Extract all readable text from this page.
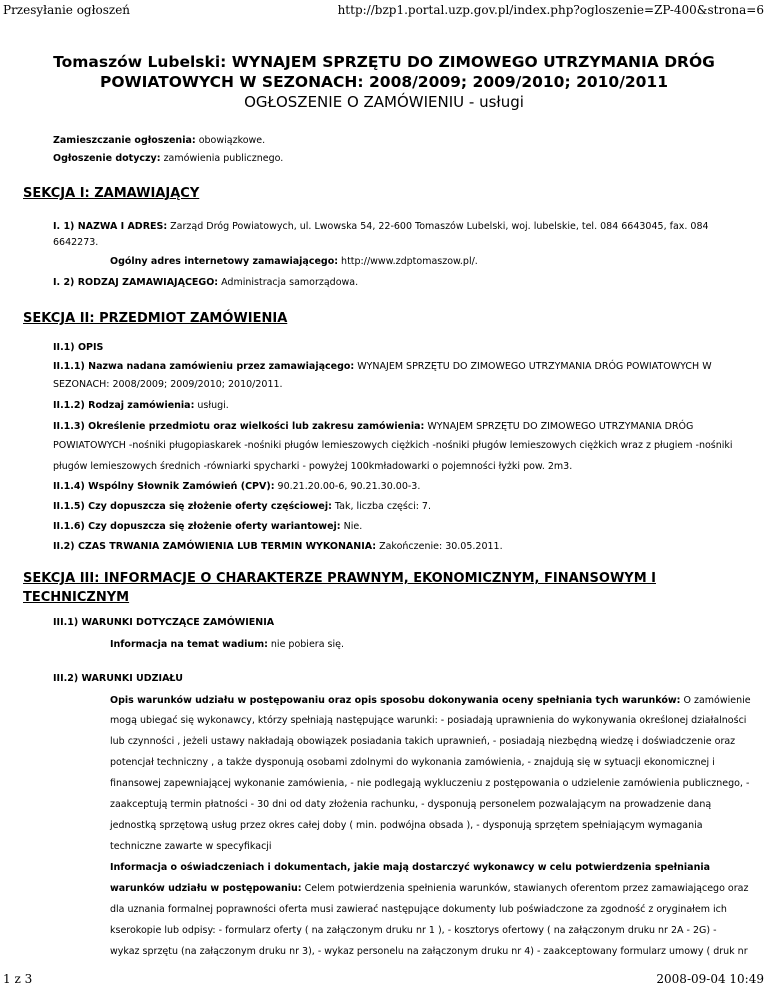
Przesyłanie ogłoszeń	http://bzp1.portal.uzp.gov.pl/index.php?ogloszenie=ZP-400&strona=6
Tomaszów Lubelski: WYNAJEM SPRZĘTU DO ZIMOWEGO UTRZYMANIA DRÓG
POWIATOWYCH W SEZONACH: 2008/2009; 2009/2010; 2010/2011
OGŁOSZENIE O ZAMÓWIENIU - usługi
Zamieszczanie ogłoszenia: obowiązkowe.
Ogłoszenie dotyczy: zamówienia publicznego.
SEKCJA I: ZAMAWIAJĄCY
I. 1) NAZWA I ADRES: Zarząd Dróg Powiatowych, ul. Lwowska 54, 22-600 Tomaszów Lubelski, woj. lubelskie, tel. 084 6643045, fax. 084
6642273.
Ogólny adres internetowy zamawiającego: http://www.zdptomaszow.pl/.
I. 2) RODZAJ ZAMAWIAJĄCEGO: Administracja samorządowa.
SEKCJA II: PRZEDMIOT ZAMÓWIENIA
II.1) OPIS
II.1.1) Nazwa nadana zamówieniu przez zamawiającego: WYNAJEM SPRZĘTU DO ZIMOWEGO UTRZYMANIA DRÓG POWIATOWYCH W
SEZONACH: 2008/2009; 2009/2010; 2010/2011.
II.1.2) Rodzaj zamówienia: usługi.
II.1.3) Określenie przedmiotu oraz wielkości lub zakresu zamówienia: WYNAJEM SPRZĘTU DO ZIMOWEGO UTRZYMANIA DRÓG
POWIATOWYCH -nośniki pługopiaskarek -nośniki pługów lemieszowych ciężkich -nośniki pługów lemieszowych ciężkich wraz z pługiem -nośniki
pługów lemieszowych średnich -równiarki spycharki - powyżej 100kmładowarki o pojemności łyżki pow. 2m3.
II.1.4) Wspólny Słownik Zamówień (CPV): 90.21.20.00-6, 90.21.30.00-3.
II.1.5) Czy dopuszcza się złożenie oferty częściowej: Tak, liczba części: 7.
II.1.6) Czy dopuszcza się złożenie oferty wariantowej: Nie.
II.2) CZAS TRWANIA ZAMÓWIENIA LUB TERMIN WYKONANIA: Zakończenie: 30.05.2011.
SEKCJA III: INFORMACJE O CHARAKTERZE PRAWNYM, EKONOMICZNYM, FINANSOWYM I
TECHNICZNYM
III.1) WARUNKI DOTYCZĄCE ZAMÓWIENIA
Informacja na temat wadium: nie pobiera się.
III.2) WARUNKI UDZIAŁU
Opis warunków udziału w postępowaniu oraz opis sposobu dokonywania oceny spełniania tych warunków: O zamówienie
mogą ubiegać się wykonawcy, którzy spełniają następujące warunki: - posiadają uprawnienia do wykonywania określonej działalności
lub czynności , jeżeli ustawy nakładają obowiązek posiadania takich uprawnień, - posiadają niezbędną wiedzę i doświadczenie oraz
potencjał techniczny , a także dysponują osobami zdolnymi do wykonania zamówienia, - znajdują się w sytuacji ekonomicznej i
finansowej zapewniającej wykonanie zamówienia, - nie podlegają wykluczeniu z postępowania o udzielenie zamówienia publicznego, -
zaakceptują termin płatności - 30 dni od daty złożenia rachunku, - dysponują personelem pozwalającym na prowadzenie daną
jednostką sprzętową usług przez okres całej doby ( min. podwójna obsada ), - dysponują sprzętem spełniającym wymagania
techniczne zawarte w specyfikacji
Informacja o oświadczeniach i dokumentach, jakie mają dostarczyć wykonawcy w celu potwierdzenia spełniania
warunków udziału w postępowaniu: Celem potwierdzenia spełnienia warunków, stawianych oferentom przez zamawiającego oraz
dla uznania formalnej poprawności oferta musi zawierać następujące dokumenty lub poświadczone za zgodność z oryginałem ich
kserokopie lub odpisy: - formularz oferty ( na załączonym druku nr 1 ), - kosztorys ofertowy ( na załączonym druku nr 2A - 2G) -
wykaz sprzętu (na załączonym druku nr 3), - wykaz personelu na załączonym druku nr 4) - zaakceptowany formularz umowy ( druk nr
1 z 3	2008-09-04 10:49
